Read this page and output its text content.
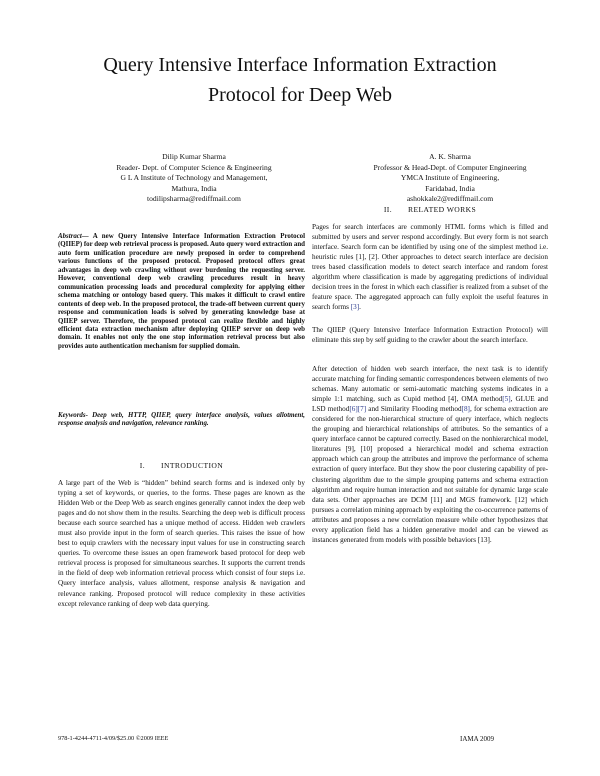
Query Intensive Interface Information Extraction
Protocol for Deep Web
Dilip Kumar Sharma
Reader- Dept. of Computer Science & Engineering
G L A Institute of Technology and Management,
Mathura, India
todilipsharma@rediffmail.com
A. K. Sharma
Professor & Head-Dept. of Computer Engineering
YMCA Institute of Engineering,
Faridabad, India
ashokkale2@rediffmail.com
Abstract— A new Query Intensive Interface Information Extraction Protocol (QIIEP) for deep web retrieval process is proposed. Auto query word extraction and auto form unification procedure are newly proposed in order to comprehend various functions of the proposed protocol. Proposed protocol offers great advantages in deep web crawling without over burdening the requesting server. However, conventional deep web crawling procedures result in heavy communication processing loads and procedural complexity for applying either schema matching or ontology based query. This makes it difficult to crawl entire contents of deep web. In the proposed protocol, the trade-off between current query response and communication loads is solved by generating knowledge base at QIIEP server. Therefore, the proposed protocol can realize flexible and highly efficient data extraction mechanism after deploying QIIEP server on deep web domain. It enables not only the one stop information retrieval process but also provides auto authentication mechanism for supplied domain.
Keywords- Deep web, HTTP, QIIEP, query interface analysis, values allotment, response analysis and navigation, relevance ranking.
I.  INTRODUCTION

A large part of the Web is “hidden” behind search forms and is indexed only by typing a set of keywords, or queries, to the forms. These pages are known as the Hidden Web or the Deep Web as search engines generally cannot index the deep web pages and do not show them in the results. Searching the deep web is difficult process because each source searched has a unique method of access. Hidden web crawlers must also provide input in the form of search queries. This raises the issue of how best to equip crawlers with the necessary input values for use in constructing search queries. To overcome these issues an open framework based protocol for deep web retrieval process is proposed for simultaneous searches. It supports the current trends in the field of deep web information retrieval process which consist of four steps i.e. Query interface analysis, values allotment, response analysis & navigation and relevance ranking. Proposed protocol will reduce complexity in these activities except relevance ranking of deep web data querying.

II.  RELATED WORKS
Pages for search interfaces are commonly HTML forms which is filled and submitted by users and server respond accordingly. But every form is not search interface. Search form can be identified by using one of the simplest method i.e. heuristic rules [1], [2]. Other approaches to detect search interface are decision trees based classification models to detect search interface and random forest algorithm where classification is made by aggregating predictions of individual decision trees in the forest in which each classifier is realized from a subset of the feature space. The aggregated approach can fully exploit the useful features in search forms [3].
The QIIEP (Query Intensive Interface Information Extraction Protocol) will eliminate this step by self guiding to the crawler about the search interface.
After detection of hidden web search interface, the next task is to identify accurate matching for finding semantic correspondences between elements of two schemas. Many automatic or semi-automatic matching systems indicates in a simple 1:1 matching, such as Cupid method [4], OMA method[5], GLUE and LSD method[6][7] and Similarity Flooding method[8], for schema extraction are considered for the non-hierarchical structure of query interface, which neglects the grouping and hierarchical relationships of attributes. So the semantics of a query interface cannot be captured correctly. Based on the nonhierarchical model, literatures [9], [10] proposed a hierarchical model and schema extraction approach which can group the attributes and improve the performance of schema extraction of query interface. But they show the poor clustering capability of pre-clustering algorithm due to the simple grouping patterns and schema extraction algorithm and require human interaction and not suitable for dynamic large scale data sets. Other approaches are DCM [11] and MGS framework. [12] which pursues a correlation mining approach by exploiting the co-occurrence patterns of attributes and proposes a new correlation measure while other hypothesizes that every application field has a hidden generative model and can be viewed as instances generated from models with possible behaviors [13].
978-1-4244-4711-4/09/$25.00 ©2009 IEEE	IAMA 2009
